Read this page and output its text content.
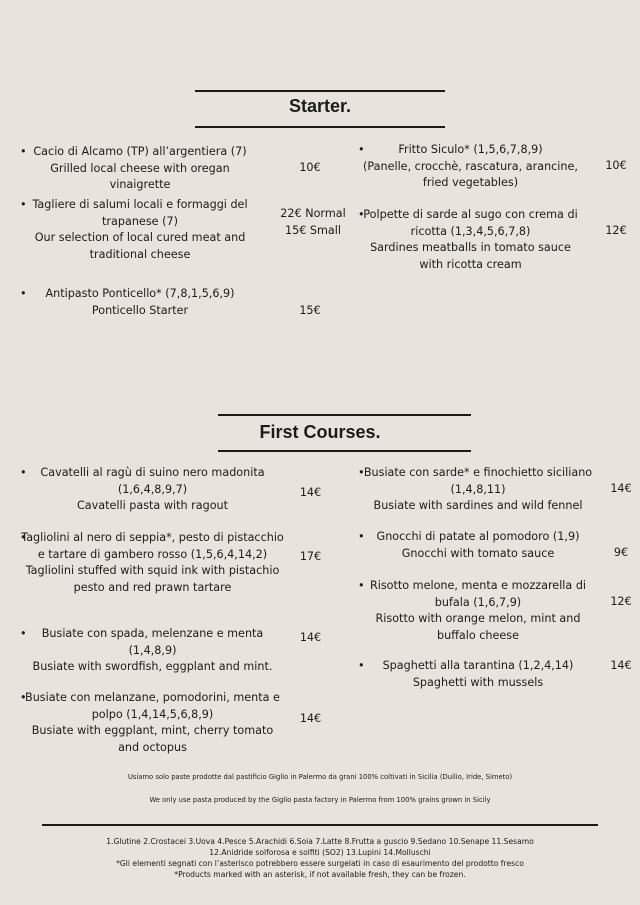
Starter.
• Cacio di Alcamo (TP) all’argentiera (7)
Grilled local cheese with oregan vinaigrette
10€
• Tagliere di salumi locali e formaggi del trapanese (7)
Our selection of local cured meat and traditional cheese
22€ Normal
15€ Small
• Antipasto Ponticello* (7,8,1,5,6,9)
Ponticello Starter	15€
• Fritto Siculo* (1,5,6,7,8,9)
(Panelle, crocchè, rascatura, arancine, fried vegetables)
10€
• Polpette di sarde al sugo con crema di ricotta (1,3,4,5,6,7,8)
Sardines meatballs in tomato sauce with ricotta cream
12€
First Courses.
• Cavatelli al ragù di suino nero madonita (1,6,4,8,9,7)
Cavatelli pasta with ragout
14€
• Tagliolini al nero di seppia*, pesto di pistacchio e tartare di gambero rosso (1,5,6,4,14,2)
Tagliolini stuffed with squid ink with pistachio pesto and red prawn tartare
17€
• Busiate con spada, melenzane e menta (1,4,8,9)
Busiate with swordfish, eggplant and mint.
14€
• Busiate con melanzane, pomodorini, menta e polpo (1,4,14,5,6,8,9)
Busiate with eggplant, mint, cherry tomato and octopus
14€
• Busiate con sarde* e finochietto siciliano (1,4,8,11)
Busiate with sardines and wild fennel
14€
• Gnocchi di patate al pomodoro (1,9)
Gnocchi with tomato sauce	9€
• Risotto melone, menta e mozzarella di bufala (1,6,7,9)
Risotto with orange melon, mint and buffalo cheese
12€
• Spaghetti alla tarantina (1,2,4,14)
Spaghetti with mussels
14€
Usiamo solo paste prodotte dal pastificio Giglio in Palermo da grani 100% coltivati in Sicilia (Duilio, Iride, Simeto)
We only use pasta produced by the Giglio pasta factory in Palermo from 100% grains grown in Sicily
1.Glutine 2.Crostacei 3.Uova 4.Pesce 5.Arachidi 6.Soia 7.Latte 8.Frutta a guscio 9.Sedano 10.Senape 11.Sesamo
12.Anidride solforosa e solfiti (SO2) 13.Lupini 14.Molluschi
*Gli elementi segnati con l’asterisco potrebbero essere surgelati in caso di esaurimento del prodotto fresco
*Products marked with an asterisk, if not available fresh, they can be frozen.
